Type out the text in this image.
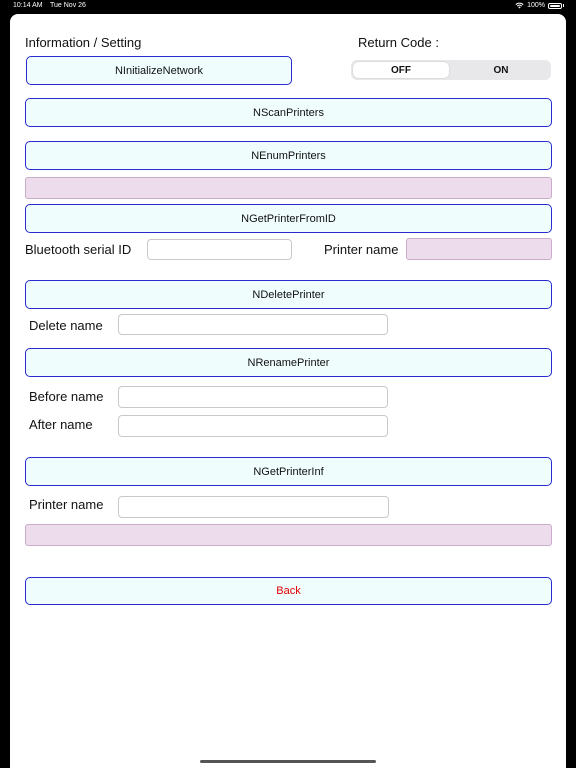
10:14 AM Tue Nov 26	100%
Information / Setting	Return Code :
NInitializeNetwork	OFF	ON
NScanPrinters
NEnumPrinters
NGetPrinterFromID
Bluetooth serial ID	Printer name
NDeletePrinter
Delete name
NRenamePrinter
Before name
After name
NGetPrinterInf
Printer name
Back
